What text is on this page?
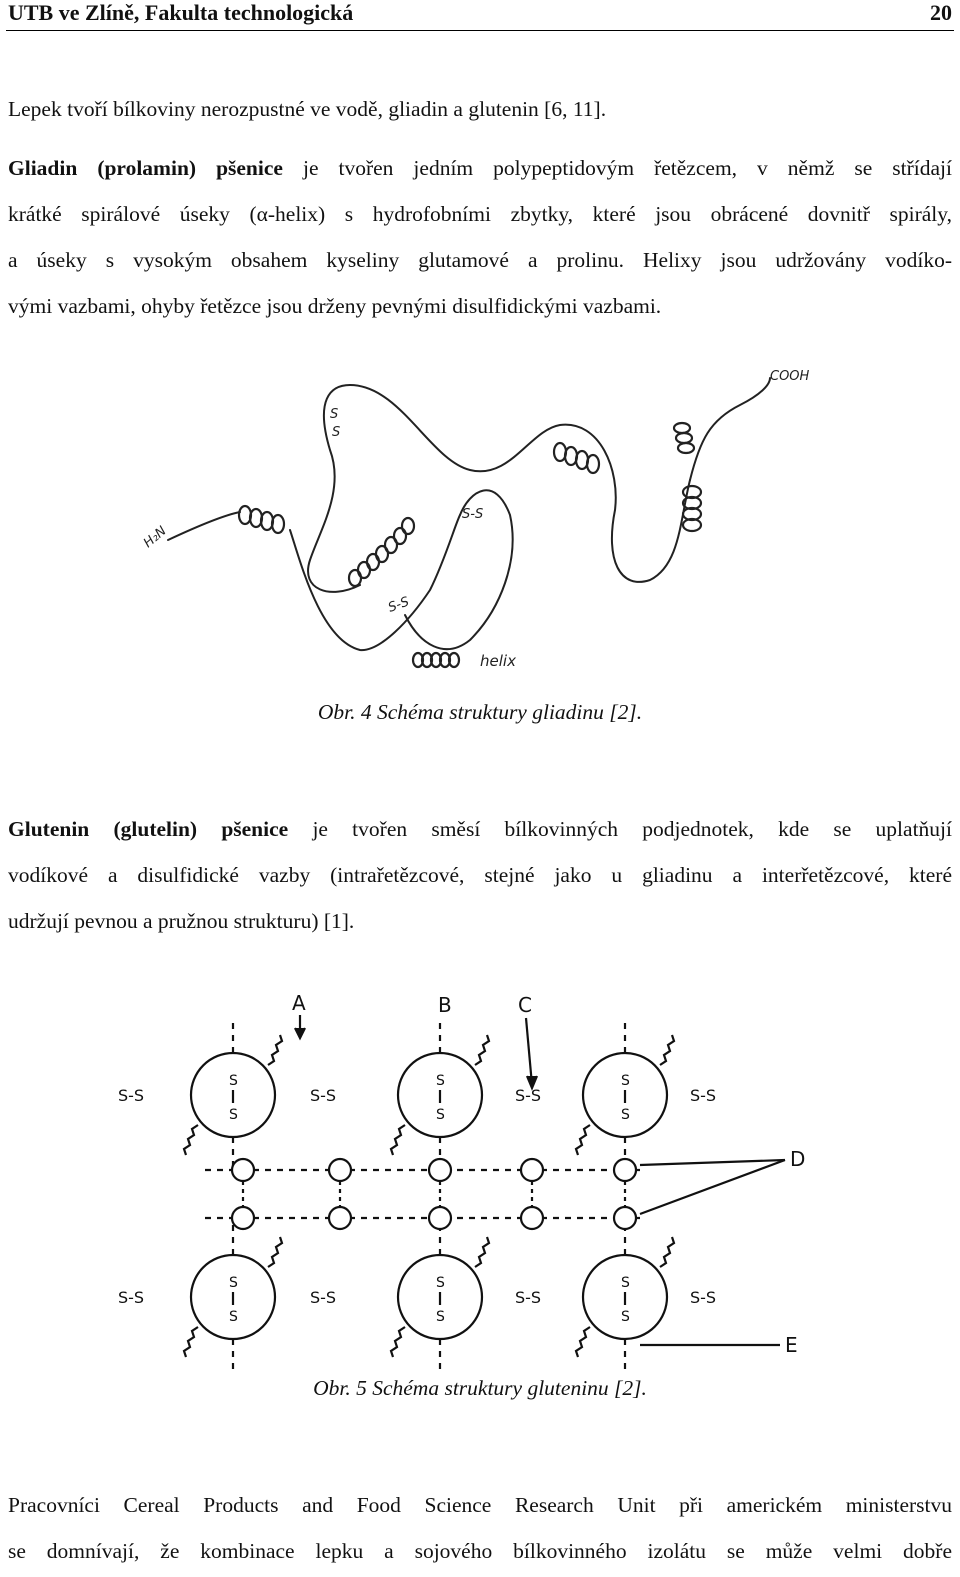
UTB ve Zlíně, Fakulta technologická	20

Lepek tvoří bílkoviny nerozpustné ve vodě, gliadin a glutenin [6, 11].

Gliadin (prolamin) pšenice je tvořen jedním polypeptidovým řetězcem, v němž se střídají
krátké spirálové úseky (α-helix) s hydrofobními zbytky, které jsou obrácené dovnitř spirály,
a úseky s vysokým obsahem kyseliny glutamové a prolinu. Helixy jsou udržovány vodíko-
vými vazbami, ohyby řetězce jsou drženy pevnými disulfidickými vazbami.
COOH
H₂N
S-S
S-S
S
S
helix
Obr. 4 Schéma struktury gliadinu [2].
Glutenin (glutelin) pšenice je tvořen směsí bílkovinných podjednotek, kde se uplatňují
vodíkové a disulfidické vazby (intrařetězcové, stejné jako u gliadinu a interřetězcové, které
udržují pevnou a pružnou strukturu) [1].
S
S
S
S
S
S
S
S
S
S
S
S
S-S	S-S	S-S	S-S
S-S	S-S	S-S	S-S
A	B	C
D
E
Obr. 5 Schéma struktury gluteninu [2].
Pracovníci Cereal Products and Food Science Research Unit při americkém ministerstvu
se domnívají, že kombinace lepku a sojového bílkovinného izolátu se může velmi dobře
